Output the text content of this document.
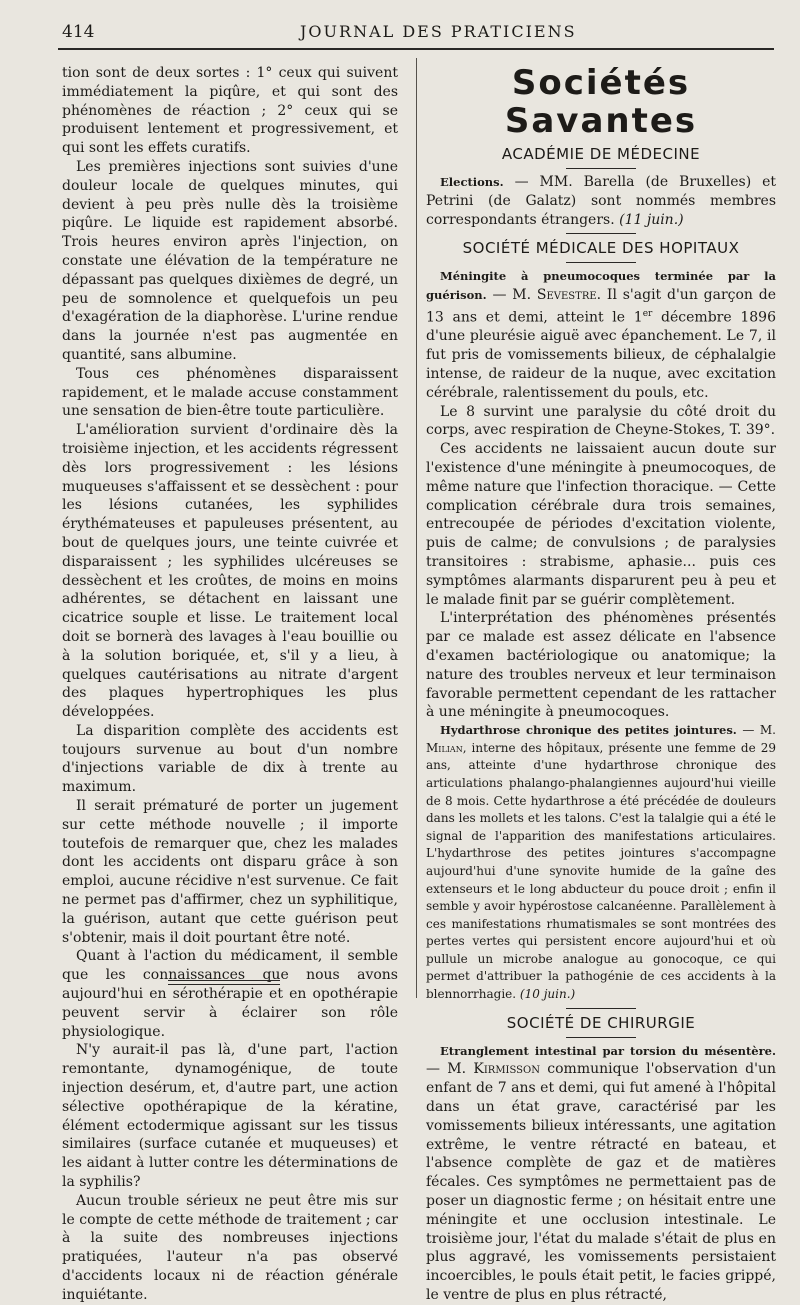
414	JOURNAL DES PRATICIENS

tion sont de deux sortes : 1° ceux qui suivent immédiatement la piqûre, et qui sont des phénomènes de réaction ; 2° ceux qui se produisent lentement et progressivement, et qui sont les effets curatifs.

Les premières injections sont suivies d'une douleur locale de quelques minutes, qui devient à peu près nulle dès la troisième piqûre. Le liquide est rapidement absorbé. Trois heures environ après l'injection, on constate une élévation de la température ne dépassant pas quelques dixièmes de degré, un peu de somnolence et quelquefois un peu d'exagération de la diaphorèse. L'urine rendue dans la journée n'est pas augmentée en quantité, sans albumine.

Tous ces phénomènes disparaissent rapidement, et le malade accuse constamment une sensation de bien-être toute particulière.

L'amélioration survient d'ordinaire dès la troisième injection, et les accidents régressent dès lors progressivement : les lésions muqueuses s'affaissent et se dessèchent : pour les lésions cutanées, les syphilides érythémateuses et papuleuses présentent, au bout de quelques jours, une teinte cuivrée et disparaissent ; les syphilides ulcéreuses se dessèchent et les croûtes, de moins en moins adhérentes, se détachent en laissant une cicatrice souple et lisse. Le traitement local doit se bornerà des lavages à l'eau bouillie ou à la solution boriquée, et, s'il y a lieu, à quelques cautérisations au nitrate d'argent des plaques hypertrophiques les plus développées.

La disparition complète des accidents est toujours survenue au bout d'un nombre d'injections variable de dix à trente au maximum.

Il serait prématuré de porter un jugement sur cette méthode nouvelle ; il importe toutefois de remarquer que, chez les malades dont les accidents ont disparu grâce à son emploi, aucune récidive n'est survenue. Ce fait ne permet pas d'affirmer, chez un syphilitique, la guérison, autant que cette guérison peut s'obtenir, mais il doit pourtant être noté.

Quant à l'action du médicament, il semble que les connaissances que nous avons aujourd'hui en sérothérapie et en opothérapie peuvent servir à éclairer son rôle physiologique.

N'y aurait-il pas là, d'une part, l'action remontante, dynamogénique, de toute injection desérum, et, d'autre part, une action sélective opothérapique de la kératine, élément ectodermique agissant sur les tissus similaires (surface cutanée et muqueuses) et les aidant à lutter contre les déterminations de la syphilis?

Aucun trouble sérieux ne peut être mis sur le compte de cette méthode de traitement ; car à la suite des nombreuses injections pratiquées, l'auteur n'a pas observé d'accidents locaux ni de réaction générale inquiétante.

Sociétés Savantes
ACADÉMIE DE MÉDECINE

Elections. — MM. Barella (de Bruxelles) et Petrini (de Galatz) sont nommés membres correspondants étrangers. (11 juin.)

SOCIÉTÉ MÉDICALE DES HOPITAUX

Méningite à pneumocoques terminée par la guérison. — M. Sevestre. Il s'agit d'un garçon de 13 ans et demi, atteint le 1er décembre 1896 d'une pleurésie aiguë avec épanchement. Le 7, il fut pris de vomissements bilieux, de céphalalgie intense, de raideur de la nuque, avec excitation cérébrale, ralentissement du pouls, etc.

Le 8 survint une paralysie du côté droit du corps, avec respiration de Cheyne-Stokes, T. 39°.

Ces accidents ne laissaient aucun doute sur l'existence d'une méningite à pneumocoques, de même nature que l'infection thoracique. — Cette complication cérébrale dura trois semaines, entrecoupée de périodes d'excitation violente, puis de calme; de convulsions ; de paralysies transitoires : strabisme, aphasie... puis ces symptômes alarmants disparurent peu à peu et le malade finit par se guérir complètement.

L'interprétation des phénomènes présentés par ce malade est assez délicate en l'absence d'examen bactériologique ou anatomique; la nature des troubles nerveux et leur terminaison favorable permettent cependant de les rattacher à une méningite à pneumocoques.

Hydarthrose chronique des petites jointures. — M. Milian, interne des hôpitaux, présente une femme de 29 ans, atteinte d'une hydarthrose chronique des articulations phalango-phalangiennes aujourd'hui vieille de 8 mois. Cette hydarthrose a été précédée de douleurs dans les mollets et les talons. C'est la talalgie qui a été le signal de l'apparition des manifestations articulaires. L'hydarthrose des petites jointures s'accompagne aujourd'hui d'une synovite humide de la gaîne des extenseurs et le long abducteur du pouce droit ; enfin il semble y avoir hypérostose calcanéenne. Parallèlement à ces manifestations rhumatismales se sont montrées des pertes vertes qui persistent encore aujourd'hui et où pullule un microbe analogue au gonocoque, ce qui permet d'attribuer la pathogénie de ces accidents à la blennorrhagie. (10 juin.)

SOCIÉTÉ DE CHIRURGIE

Etranglement intestinal par torsion du mésentère. — M. Kirmisson communique l'observation d'un enfant de 7 ans et demi, qui fut amené à l'hôpital dans un état grave, caractérisé par les vomissements bilieux intéressants, une agitation extrême, le ventre rétracté en bateau, et l'absence complète de gaz et de matières fécales. Ces symptômes ne permettaient pas de poser un diagnostic ferme ; on hésitait entre une méningite et une occlusion intestinale. Le troisième jour, l'état du malade s'était de plus en plus aggravé, les vomissements persistaient incoercibles, le pouls était petit, le facies grippé, le ventre de plus en plus rétracté,
